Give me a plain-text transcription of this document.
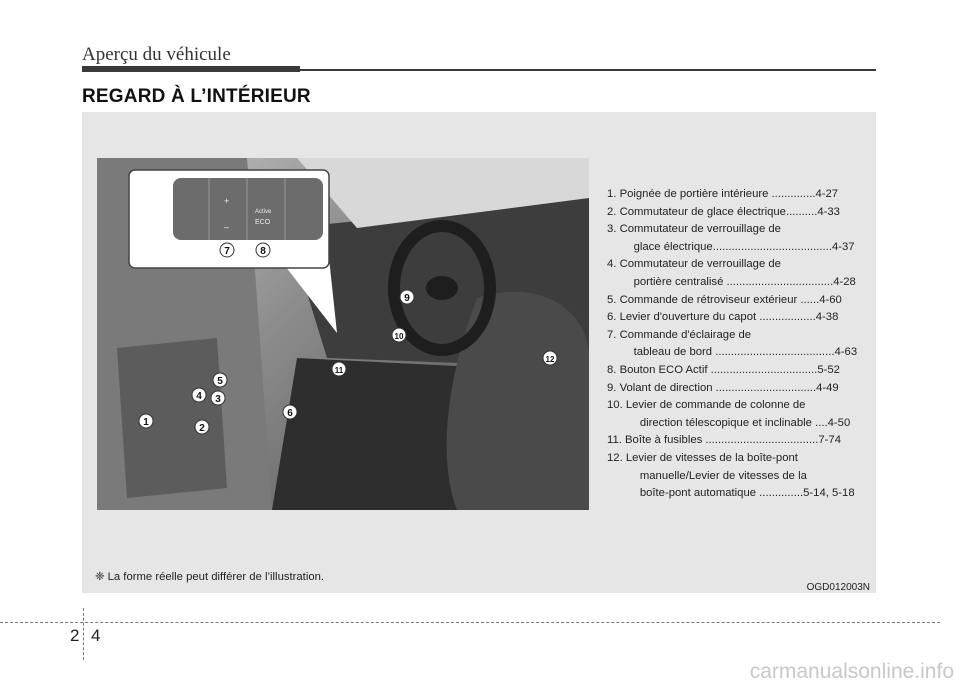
Aperçu du véhicule
REGARD À L’INTÉRIEUR
+
–
Active
ECO
7	8
9
10
11
12
6
5
4 3
2
1
1. Poignée de portière intérieure ..............4-27
2. Commutateur de glace électrique..........4-33
3. Commutateur de verrouillage de
glace électrique......................................4-37
4. Commutateur de verrouillage de
portière centralisé ..................................4-28
5. Commande de rétroviseur extérieur ......4-60
6. Levier d'ouverture du capot ..................4-38
7. Commande d'éclairage de
tableau de bord ......................................4-63
8. Bouton ECO Actif ..................................5-52
9. Volant de direction ................................4-49
10. Levier de commande de colonne de
direction télescopique et inclinable ....4-50
11. Boîte à fusibles ....................................7-74
12. Levier de vitesses de la boîte-pont
manuelle/Levier de vitesses de la
boîte-pont automatique ..............5-14, 5-18
❈ La forme réelle peut différer de l’illustration.
OGD012003N
2 4
carmanualsonline.info
